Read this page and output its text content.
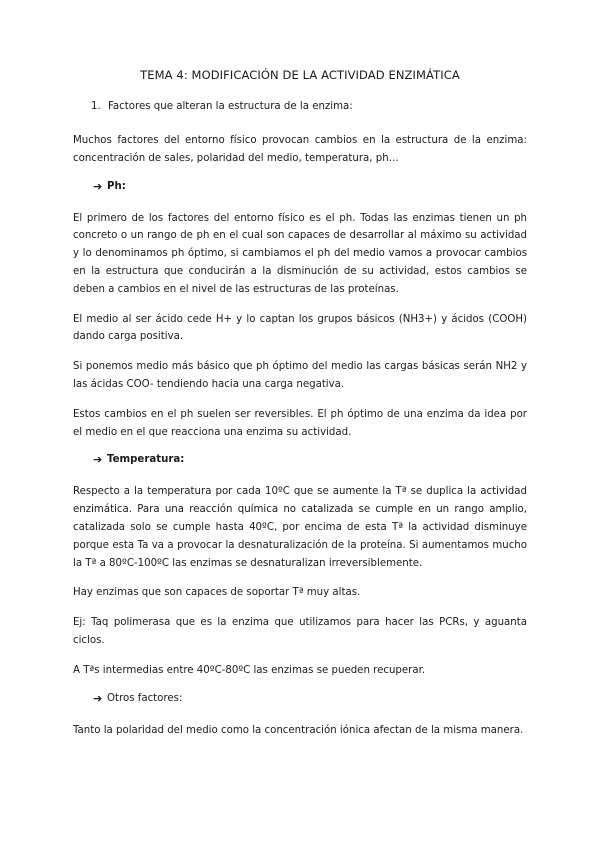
TEMA 4: MODIFICACIÓN DE LA ACTIVIDAD ENZIMÁTICA
1. Factores que alteran la estructura de la enzima:

Muchos factores del entorno físico provocan cambios en la estructura de la enzima: concentración de sales, polaridad del medio, temperatura, ph…

➔ Ph:

El primero de los factores del entorno físico es el ph. Todas las enzimas tienen un ph concreto o un rango de ph en el cual son capaces de desarrollar al máximo su actividad y lo denominamos ph óptimo, si cambiamos el ph del medio vamos a provocar cambios en la estructura que conducirán a la disminución de su actividad, estos cambios se deben a cambios en el nivel de las estructuras de las proteínas.

El medio al ser ácido cede H+ y lo captan los grupos básicos (NH3+) y ácidos (COOH) dando carga positiva.

Si ponemos medio más básico que ph óptimo del medio las cargas básicas serán NH2 y las ácidas COO- tendiendo hacia una carga negativa.

Estos cambios en el ph suelen ser reversibles. El ph óptimo de una enzima da idea por el medio en el que reacciona una enzima su actividad.

➔ Temperatura:

Respecto a la temperatura por cada 10ºC que se aumente la Tª se duplica la actividad enzimática. Para una reacción química no catalizada se cumple en un rango amplio, catalizada solo se cumple hasta 40ºC, por encima de esta Tª la actividad disminuye porque esta Ta va a provocar la desnaturalización de la proteína. Si aumentamos mucho la Tª a 80ºC-100ºC las enzimas se desnaturalizan irreversiblemente.

Hay enzimas que son capaces de soportar Tª muy altas.

Ej: Taq polimerasa que es la enzima que utilizamos para hacer las PCRs, y aguanta ciclos.

A Tªs intermedias entre 40ºC-80ºC las enzimas se pueden recuperar.

➔ Otros factores:

Tanto la polaridad del medio como la concentración iónica afectan de la misma manera.
